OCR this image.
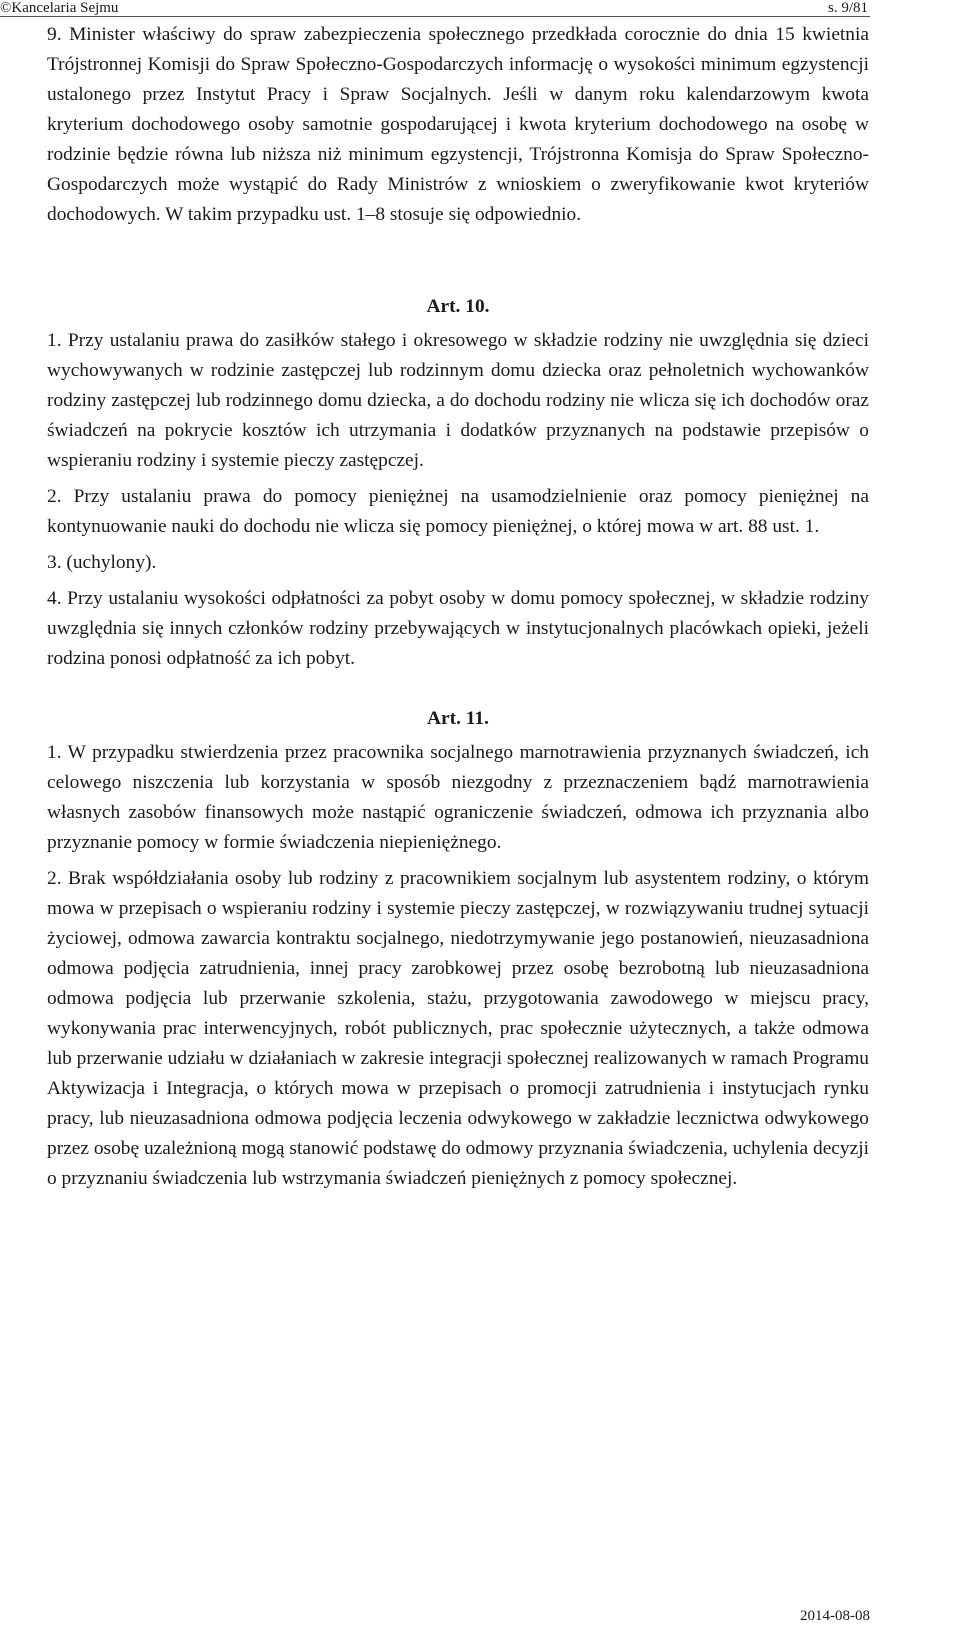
©Kancelaria Sejmu	s. 9/81

9. Minister właściwy do spraw zabezpieczenia społecznego przedkłada corocznie do dnia 15 kwietnia Trójstronnej Komisji do Spraw Społeczno-Gospodarczych informację o wysokości minimum egzystencji ustalonego przez Instytut Pracy i Spraw Socjalnych. Jeśli w danym roku kalendarzowym kwota kryterium dochodowego osoby samotnie gospodarującej i kwota kryterium dochodowego na osobę w rodzinie będzie równa lub niższa niż minimum egzystencji, Trójstronna Komisja do Spraw Społeczno-Gospodarczych może wystąpić do Rady Ministrów z wnioskiem o zweryfikowanie kwot kryteriów dochodowych. W takim przypadku ust. 1–8 stosuje się odpowiednio.

Art. 10.

1. Przy ustalaniu prawa do zasiłków stałego i okresowego w składzie rodziny nie uwzględnia się dzieci wychowywanych w rodzinie zastępczej lub rodzinnym domu dziecka oraz pełnoletnich wychowanków rodziny zastępczej lub rodzinnego domu dziecka, a do dochodu rodziny nie wlicza się ich dochodów oraz świadczeń na pokrycie kosztów ich utrzymania i dodatków przyznanych na podstawie przepisów o wspieraniu rodziny i systemie pieczy zastępczej.

2. Przy ustalaniu prawa do pomocy pieniężnej na usamodzielnienie oraz pomocy pieniężnej na kontynuowanie nauki do dochodu nie wlicza się pomocy pieniężnej, o której mowa w art. 88 ust. 1.

3. (uchylony).

4. Przy ustalaniu wysokości odpłatności za pobyt osoby w domu pomocy społecznej, w składzie rodziny uwzględnia się innych członków rodziny przebywających w instytucjonalnych placówkach opieki, jeżeli rodzina ponosi odpłatność za ich pobyt.

Art. 11.

1. W przypadku stwierdzenia przez pracownika socjalnego marnotrawienia przyznanych świadczeń, ich celowego niszczenia lub korzystania w sposób niezgodny z przeznaczeniem bądź marnotrawienia własnych zasobów finansowych może nastąpić ograniczenie świadczeń, odmowa ich przyznania albo przyznanie pomocy w formie świadczenia niepieniężnego.

2. Brak współdziałania osoby lub rodziny z pracownikiem socjalnym lub asystentem rodziny, o którym mowa w przepisach o wspieraniu rodziny i systemie pieczy zastępczej, w rozwiązywaniu trudnej sytuacji życiowej, odmowa zawarcia kontraktu socjalnego, niedotrzymywanie jego postanowień, nieuzasadniona odmowa podjęcia zatrudnienia, innej pracy zarobkowej przez osobę bezrobotną lub nieuzasadniona odmowa podjęcia lub przerwanie szkolenia, stażu, przygotowania zawodowego w miejscu pracy, wykonywania prac interwencyjnych, robót publicznych, prac społecznie użytecznych, a także odmowa lub przerwanie udziału w działaniach w zakresie integracji społecznej realizowanych w ramach Programu Aktywizacja i Integracja, o których mowa w przepisach o promocji zatrudnienia i instytucjach rynku pracy, lub nieuzasadniona odmowa podjęcia leczenia odwykowego w zakładzie lecznictwa odwykowego przez osobę uzależnioną mogą stanowić podstawę do odmowy przyznania świadczenia, uchylenia decyzji o przyznaniu świadczenia lub wstrzymania świadczeń pieniężnych z pomocy społecznej.

2014-08-08
